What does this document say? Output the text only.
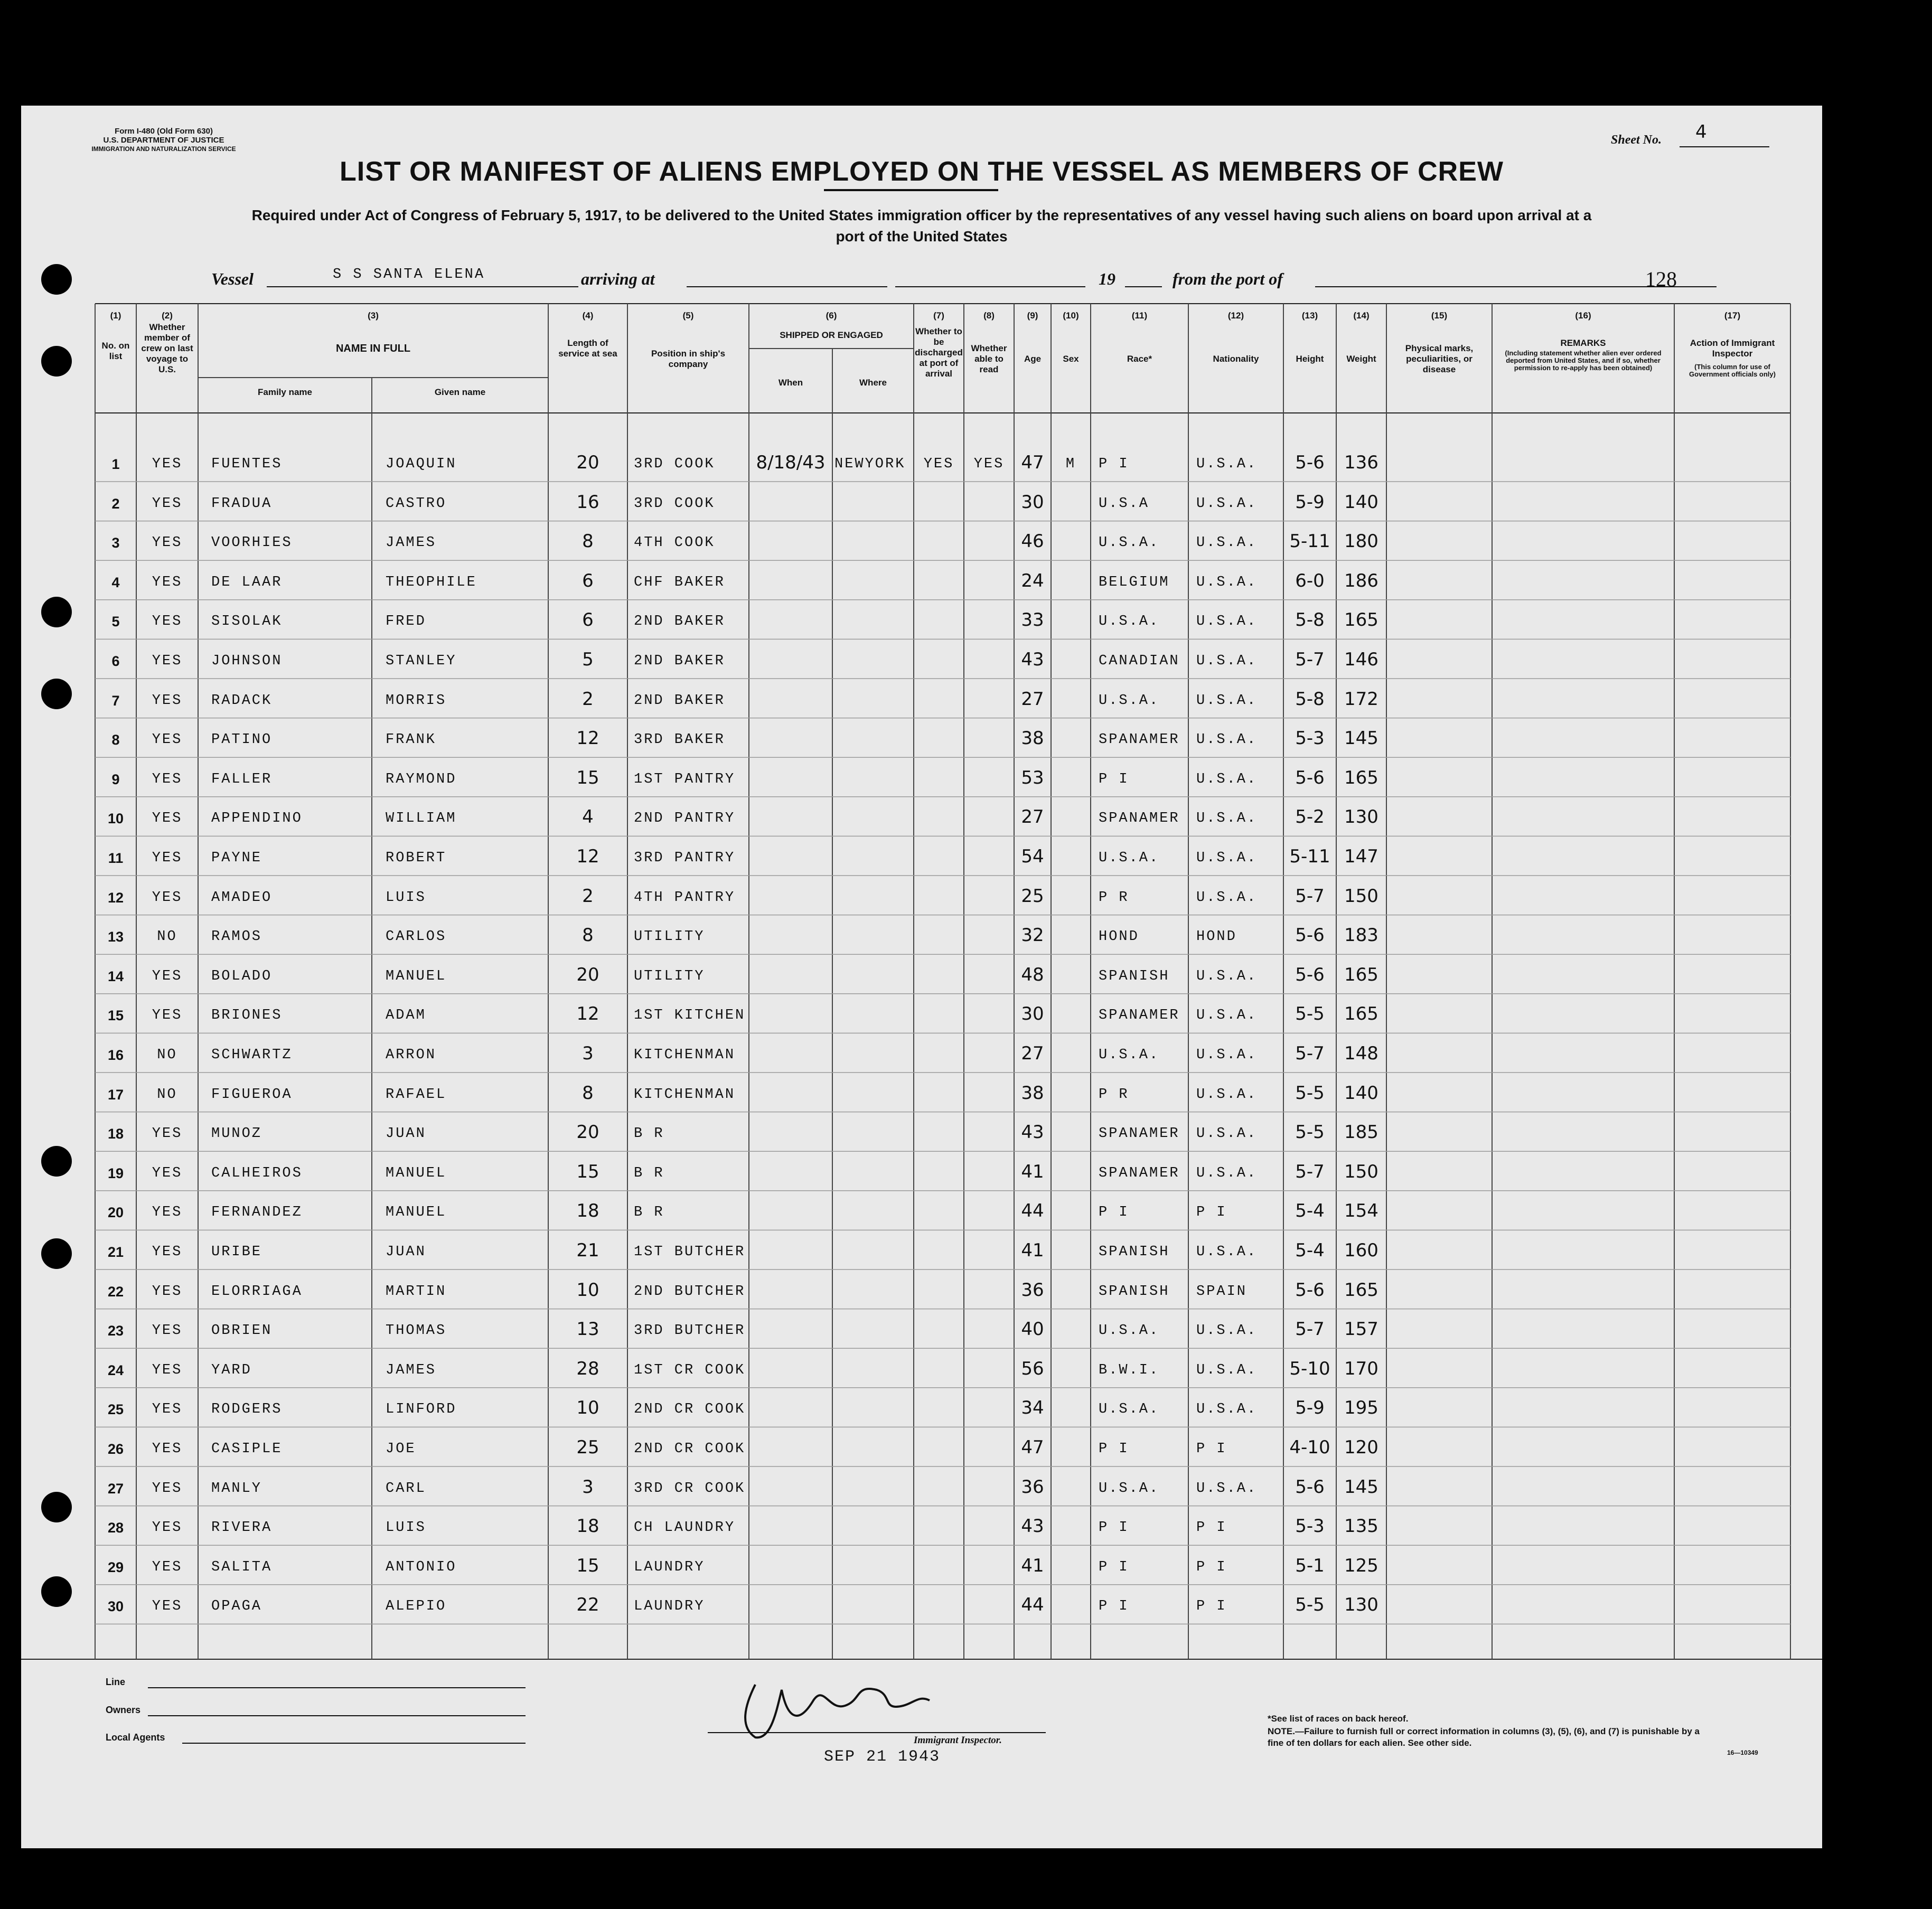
Form I-480 (Old Form 630)
U.S. DEPARTMENT OF JUSTICE
IMMIGRATION AND NATURALIZATION SERVICE
Sheet No. 4
LIST OR MANIFEST OF ALIENS EMPLOYED ON THE VESSEL AS MEMBERS OF CREW
Required under Act of Congress of February 5, 1917, to be delivered to the United States immigration officer by the representatives of any vessel having such aliens on board upon arrival at a
port of the United States
Vessel	S S SANTA ELENA	arriving at	19	from the port of	128
(1)
No. on list
(2)
Whether member of crew on last voyage to U.S.
(3)
NAME IN FULL
Family name	Given name
(4)
Length of service at sea
(5)
Position in ship's company
(6)
SHIPPED OR ENGAGED
When	Where
(7)
Whether to be discharged at port of arrival
(8)
Whether able to read
(9)
Age
(10)
Sex
(11)
Race*
(12)
Nationality
(13)
Height
(14)
Weight
(15)
Physical marks, peculiarities, or disease
(16)
REMARKS
(Including statement whether alien ever ordered deported from United States, and if so, whether permission to re-apply has been obtained)
(17)
Action of Immigrant Inspector
(This column for use of Government officials only)
1	YES	FUENTES	JOAQUIN	20	3RD COOK	8/18/43 NEWYORK	YES	YES 47	M	P I	U.S.A.	5-6	136
2	YES	FRADUA	CASTRO	16	3RD COOK	30	U.S.A	U.S.A.	5-9	140
3	YES	VOORHIES	JAMES	8	4TH COOK	46	U.S.A.	U.S.A.	5-11 180
4	YES	DE LAAR	THEOPHILE	6	CHF BAKER	24	BELGIUM	U.S.A.	6-0	186
5	YES	SISOLAK	FRED	6	2ND BAKER	33	U.S.A.	U.S.A.	5-8	165
6	YES	JOHNSON	STANLEY	5	2ND BAKER	43	CANADIAN	U.S.A.	5-7	146
7	YES	RADACK	MORRIS	2	2ND BAKER	27	U.S.A.	U.S.A.	5-8	172
8	YES	PATINO	FRANK	12	3RD BAKER	38	SPANAMER	U.S.A.	5-3	145
9	YES	FALLER	RAYMOND	15	1ST PANTRY	53	P I	U.S.A.	5-6	165
10	YES	APPENDINO	WILLIAM	4	2ND PANTRY	27	SPANAMER	U.S.A.	5-2	130
11	YES	PAYNE	ROBERT	12	3RD PANTRY	54	U.S.A.	U.S.A.	5-11 147
12	YES	AMADEO	LUIS	2	4TH PANTRY	25	P R	U.S.A.	5-7	150
13	NO	RAMOS	CARLOS	8	UTILITY	32	HOND	HOND	5-6	183
14	YES	BOLADO	MANUEL	20	UTILITY	48	SPANISH	U.S.A.	5-6	165
15	YES	BRIONES	ADAM	12	1ST KITCHEN	30	SPANAMER	U.S.A.	5-5	165
16	NO	SCHWARTZ	ARRON	3	KITCHENMAN	27	U.S.A.	U.S.A.	5-7	148
17	NO	FIGUEROA	RAFAEL	8	KITCHENMAN	38	P R	U.S.A.	5-5	140
18	YES	MUNOZ	JUAN	20	B R	43	SPANAMER	U.S.A.	5-5	185
19	YES	CALHEIROS	MANUEL	15	B R	41	SPANAMER	U.S.A.	5-7	150
20	YES	FERNANDEZ	MANUEL	18	B R	44	P I	P I	5-4	154
21	YES	URIBE	JUAN	21	1ST BUTCHER	41	SPANISH	U.S.A.	5-4	160
22	YES	ELORRIAGA	MARTIN	10	2ND BUTCHER	36	SPANISH	SPAIN	5-6	165
23	YES	OBRIEN	THOMAS	13	3RD BUTCHER	40	U.S.A.	U.S.A.	5-7	157
24	YES	YARD	JAMES	28	1ST CR COOK	56	B.W.I.	U.S.A.	5-10 170
25	YES	RODGERS	LINFORD	10	2ND CR COOK	34	U.S.A.	U.S.A.	5-9	195
26	YES	CASIPLE	JOE	25	2ND CR COOK	47	P I	P I	4-10 120
27	YES	MANLY	CARL	3	3RD CR COOK	36	U.S.A.	U.S.A.	5-6	145
28	YES	RIVERA	LUIS	18	CH LAUNDRY	43	P I	P I	5-3	135
29	YES	SALITA	ANTONIO	15	LAUNDRY	41	P I	P I	5-1	125
30	YES	OPAGA	ALEPIO	22	LAUNDRY	44	P I	P I	5-5	130
Line
Owners
Local Agents	Immigrant Inspector.
SEP 21 1943
*See list of races on back hereof.
NOTE.—Failure to furnish full or correct information in columns (3), (5), (6), and (7) is punishable by a fine of ten dollars for each alien. See other side.
16—10349
